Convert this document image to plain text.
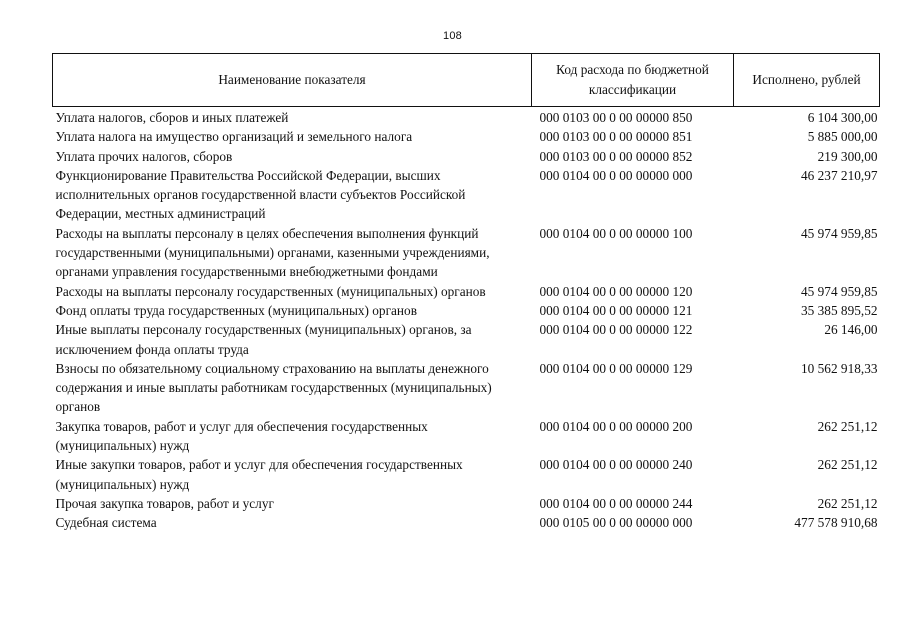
108
Наименование показателя	Код расхода по бюджетной классификации	Исполнено, рублей
Уплата налогов, сборов и иных платежей	000 0103 00 0 00 00000 850	6 104 300,00
Уплата налога на имущество организаций и земельного налога	000 0103 00 0 00 00000 851	5 885 000,00
Уплата прочих налогов, сборов	000 0103 00 0 00 00000 852	219 300,00
Функционирование Правительства Российской Федерации, высших исполнительных органов государственной власти субъектов Российской Федерации, местных администраций	000 0104 00 0 00 00000 000	46 237 210,97
Расходы на выплаты персоналу в целях обеспечения выполнения функций государственными (муниципальными) органами, казенными учреждениями, органами управления государственными внебюджетными фондами	000 0104 00 0 00 00000 100	45 974 959,85
Расходы на выплаты персоналу государственных (муниципальных) органов	000 0104 00 0 00 00000 120	45 974 959,85
Фонд оплаты труда государственных (муниципальных) органов	000 0104 00 0 00 00000 121	35 385 895,52
Иные выплаты персоналу государственных (муниципальных) органов, за исключением фонда оплаты труда	000 0104 00 0 00 00000 122	26 146,00
Взносы по обязательному социальному страхованию на выплаты денежного содержания и иные выплаты работникам государственных (муниципальных) органов	000 0104 00 0 00 00000 129	10 562 918,33
Закупка товаров, работ и услуг для обеспечения государственных (муниципальных) нужд	000 0104 00 0 00 00000 200	262 251,12
Иные закупки товаров, работ и услуг для обеспечения государственных (муниципальных) нужд	000 0104 00 0 00 00000 240	262 251,12
Прочая закупка товаров, работ и услуг	000 0104 00 0 00 00000 244	262 251,12
Судебная система	000 0105 00 0 00 00000 000	477 578 910,68
